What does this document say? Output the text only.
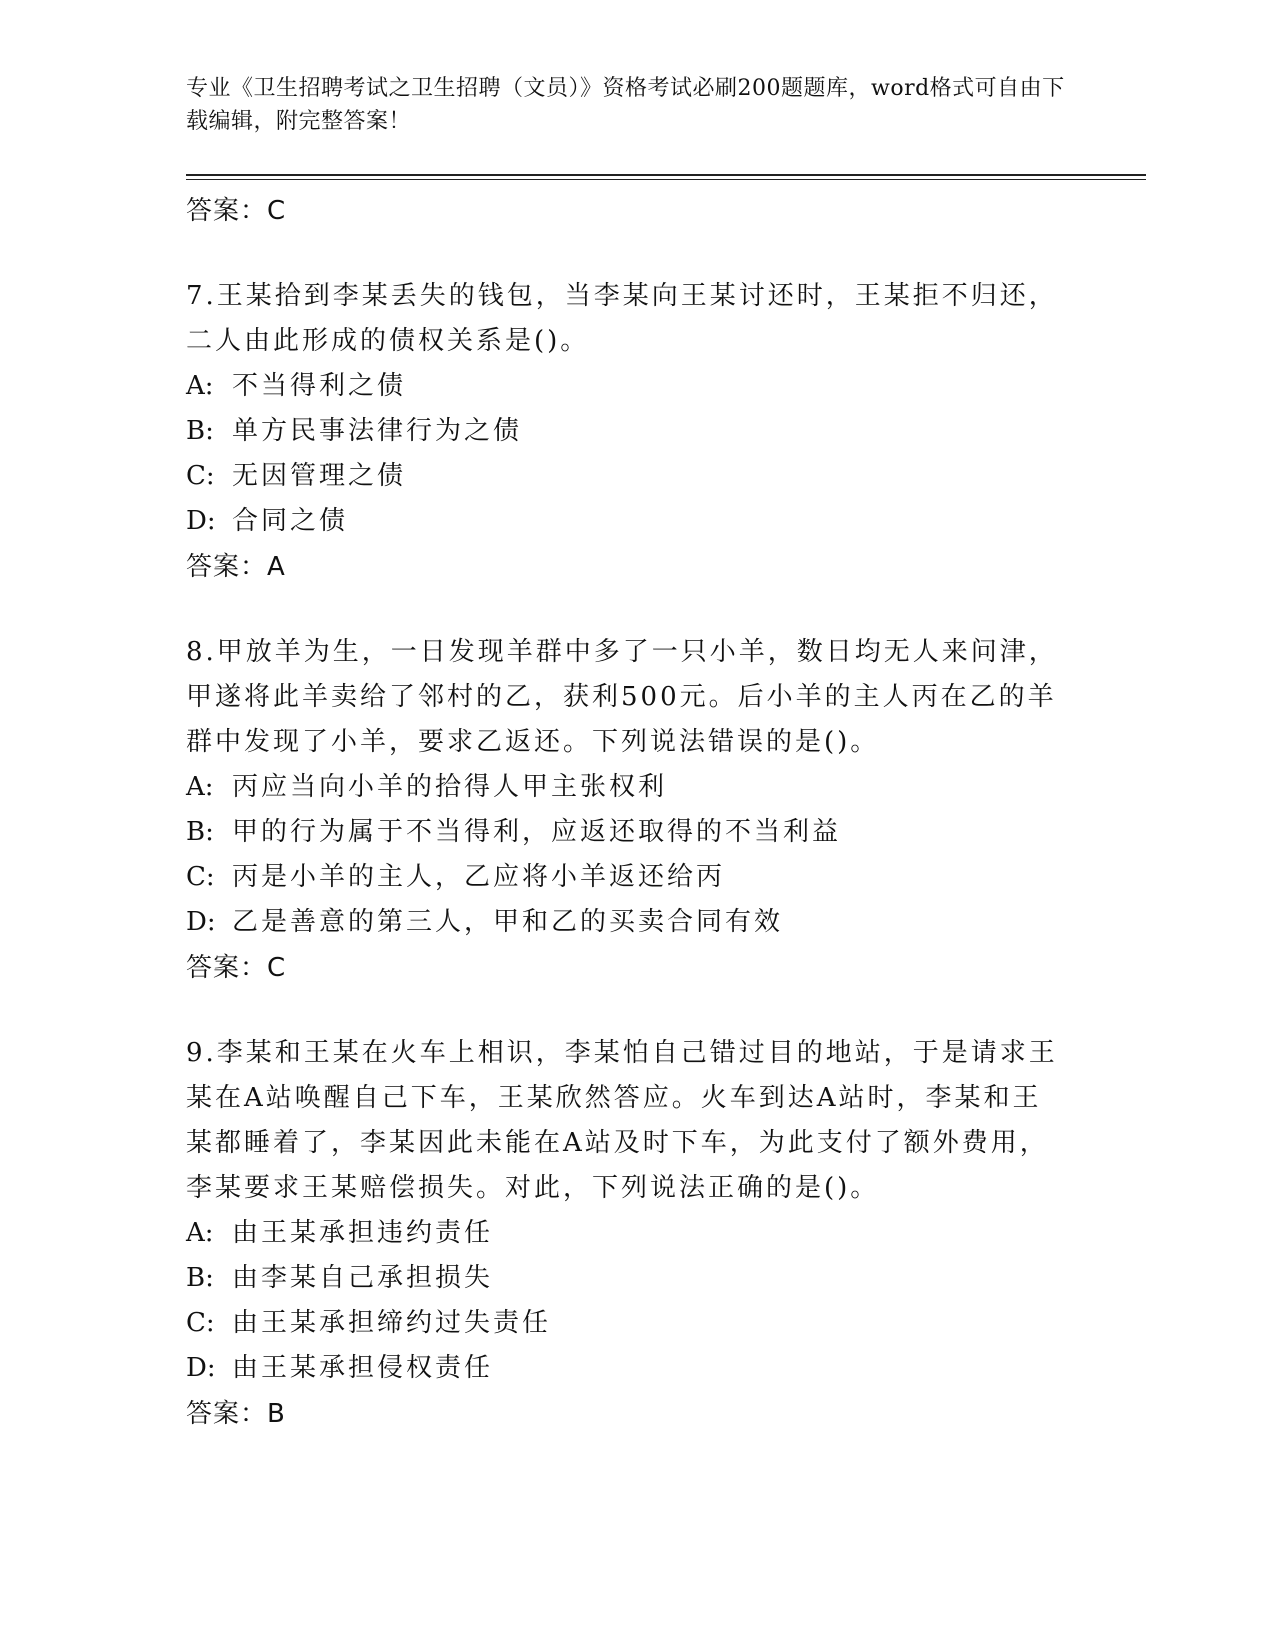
专业《卫生招聘考试之卫生招聘（文员）》资格考试必刷200题题库，word格式可自由下载编辑，附完整答案！

答案：C

7.王某拾到李某丢失的钱包，当李某向王某讨还时，王某拒不归还，二人由此形成的债权关系是()。

A: 不当得利之债

B: 单方民事法律行为之债

C: 无因管理之债

D: 合同之债

答案：A

8.甲放羊为生，一日发现羊群中多了一只小羊，数日均无人来问津，甲遂将此羊卖给了邻村的乙，获利500元。后小羊的主人丙在乙的羊群中发现了小羊，要求乙返还。下列说法错误的是()。

A: 丙应当向小羊的拾得人甲主张权利

B: 甲的行为属于不当得利，应返还取得的不当利益

C: 丙是小羊的主人，乙应将小羊返还给丙

D: 乙是善意的第三人，甲和乙的买卖合同有效

答案：C

9.李某和王某在火车上相识，李某怕自己错过目的地站，于是请求王某在A站唤醒自己下车，王某欣然答应。火车到达A站时，李某和王某都睡着了，李某因此未能在A站及时下车，为此支付了额外费用，李某要求王某赔偿损失。对此，下列说法正确的是()。

A: 由王某承担违约责任

B: 由李某自己承担损失

C: 由王某承担缔约过失责任

D: 由王某承担侵权责任

答案：B
